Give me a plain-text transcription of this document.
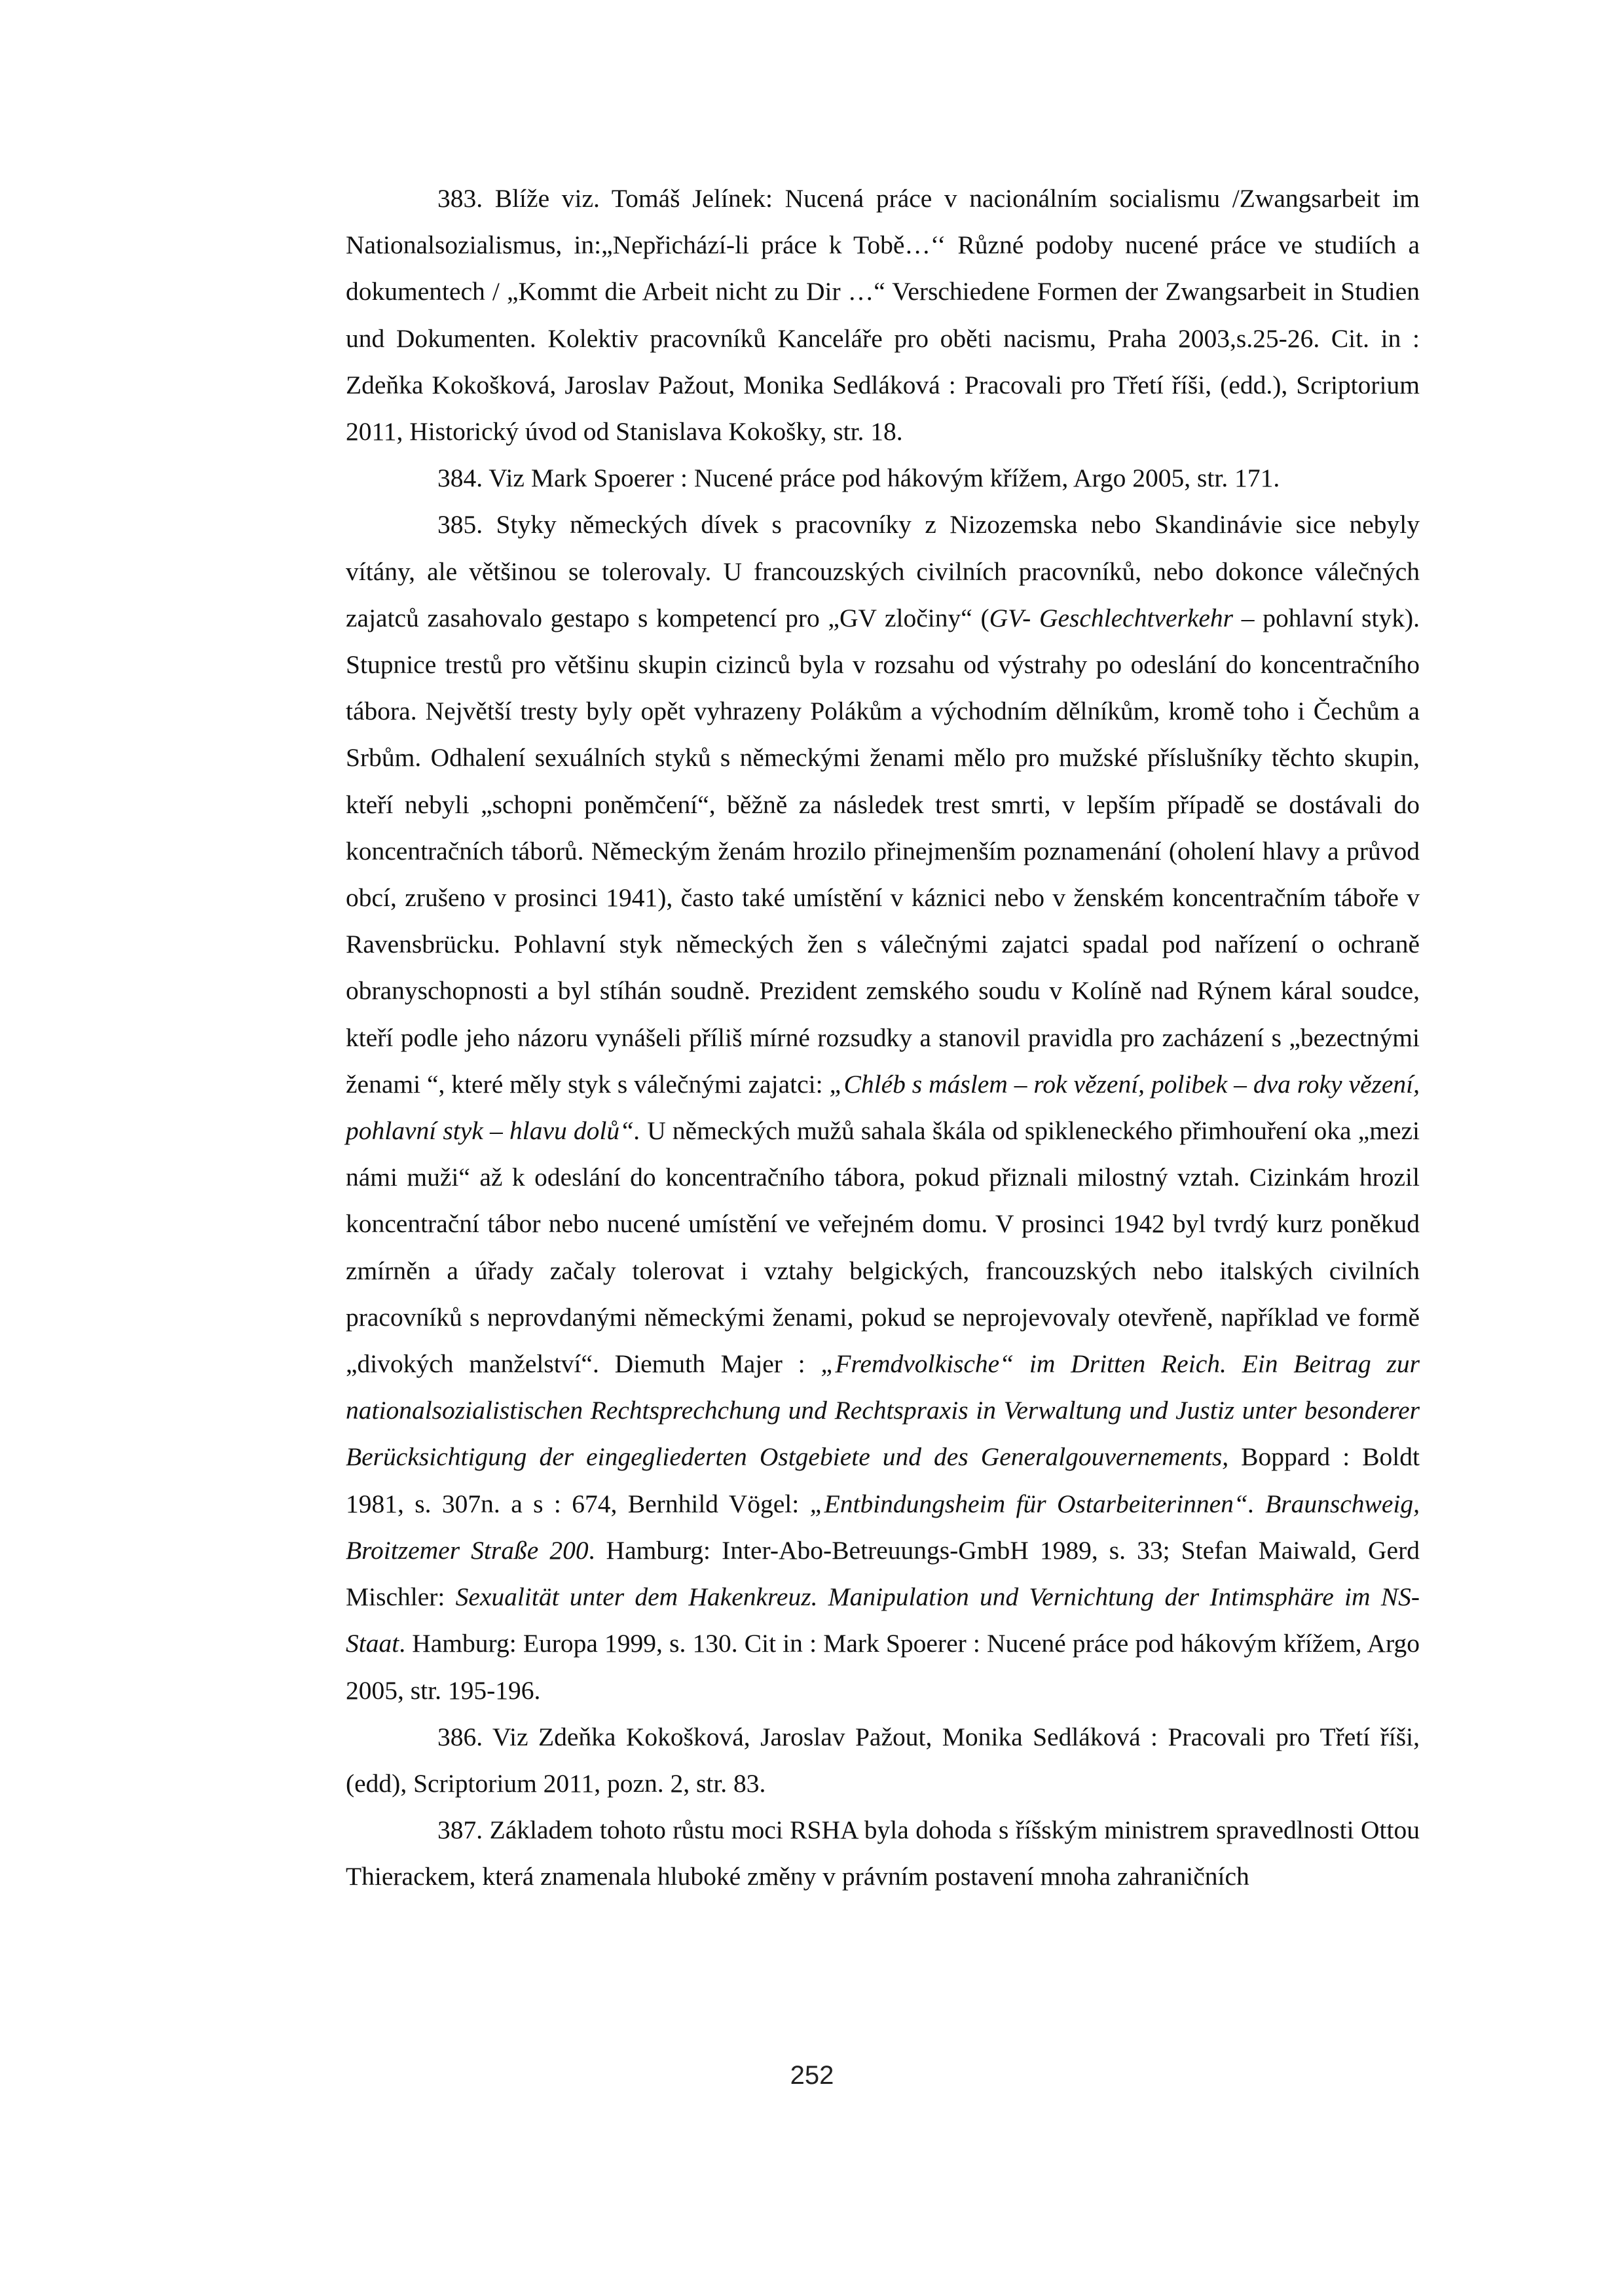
383. Blíže viz. Tomáš Jelínek: Nucená práce v nacionálním socialismu /Zwangsarbeit im Nationalsozialismus, in:„Nepřichází-li práce k Tobě…‘‘ Různé podoby nucené práce ve studiích a dokumentech / „Kommt die Arbeit nicht zu Dir …“ Verschiedene Formen der Zwangsarbeit in Studien und Dokumenten. Kolektiv pracovníků Kanceláře pro oběti nacismu, Praha 2003,s.25-26. Cit. in : Zdeňka Kokošková, Jaroslav Pažout, Monika Sedláková : Pracovali pro Třetí říši, (edd.), Scriptorium 2011, Historický úvod od Stanislava Kokošky, str. 18.

384. Viz Mark Spoerer : Nucené práce pod hákovým křížem, Argo 2005, str. 171.

385. Styky německých dívek s pracovníky z Nizozemska nebo Skandinávie sice nebyly vítány, ale většinou se tolerovaly. U francouzských civilních pracovníků, nebo dokonce válečných zajatců zasahovalo gestapo s kompetencí pro „GV zločiny“ (GV- Geschlechtverkehr – pohlavní styk). Stupnice trestů pro většinu skupin cizinců byla v rozsahu od výstrahy po odeslání do koncentračního tábora. Největší tresty byly opět vyhrazeny Polákům a východním dělníkům, kromě toho i Čechům a Srbům. Odhalení sexuálních styků s německými ženami mělo pro mužské příslušníky těchto skupin, kteří nebyli „schopni poněmčení“, běžně za následek trest smrti, v lepším případě se dostávali do koncentračních táborů. Německým ženám hrozilo přinejmenším poznamenání (oholení hlavy a průvod obcí, zrušeno v prosinci 1941), často také umístění v káznici nebo v ženském koncentračním táboře v Ravensbrücku. Pohlavní styk německých žen s válečnými zajatci spadal pod nařízení o ochraně obranyschopnosti a byl stíhán soudně. Prezident zemského soudu v Kolíně nad Rýnem káral soudce, kteří podle jeho názoru vynášeli příliš mírné rozsudky a stanovil pravidla pro zacházení s „bezectnými ženami “, které měly styk s válečnými zajatci: „Chléb s máslem – rok vězení, polibek – dva roky vězení, pohlavní styk – hlavu dolů“. U německých mužů sahala škála od spikleneckého přimhouření oka „mezi námi muži“ až k odeslání do koncentračního tábora, pokud přiznali milostný vztah. Cizinkám hrozil koncentrační tábor nebo nucené umístění ve veřejném domu. V prosinci 1942 byl tvrdý kurz poněkud zmírněn a úřady začaly tolerovat i vztahy belgických, francouzských nebo italských civilních pracovníků s neprovdanými německými ženami, pokud se neprojevovaly otevřeně, například ve formě „divokých manželství“. Diemuth Majer : „Fremdvolkische“ im Dritten Reich. Ein Beitrag zur nationalsozialistischen Rechtsprechchung und Rechtspraxis in Verwaltung und Justiz unter besonderer Berücksichtigung der eingegliederten Ostgebiete und des Generalgouvernements, Boppard : Boldt 1981, s. 307n. a s : 674, Bernhild Vögel: „Entbindungsheim für Ostarbeiterinnen“. Braunschweig, Broitzemer Straße 200. Hamburg: Inter-Abo-Betreuungs-GmbH 1989, s. 33; Stefan Maiwald, Gerd Mischler: Sexualität unter dem Hakenkreuz. Manipulation und Vernichtung der Intimsphäre im NS-Staat. Hamburg: Europa 1999, s. 130. Cit in : Mark Spoerer : Nucené práce pod hákovým křížem, Argo 2005, str. 195-196.

386. Viz Zdeňka Kokošková, Jaroslav Pažout, Monika Sedláková : Pracovali pro Třetí říši, (edd), Scriptorium 2011, pozn. 2, str. 83.

387. Základem tohoto růstu moci RSHA byla dohoda s říšským ministrem spravedlnosti Ottou Thierackem, která znamenala hluboké změny v právním postavení mnoha zahraničních

252
